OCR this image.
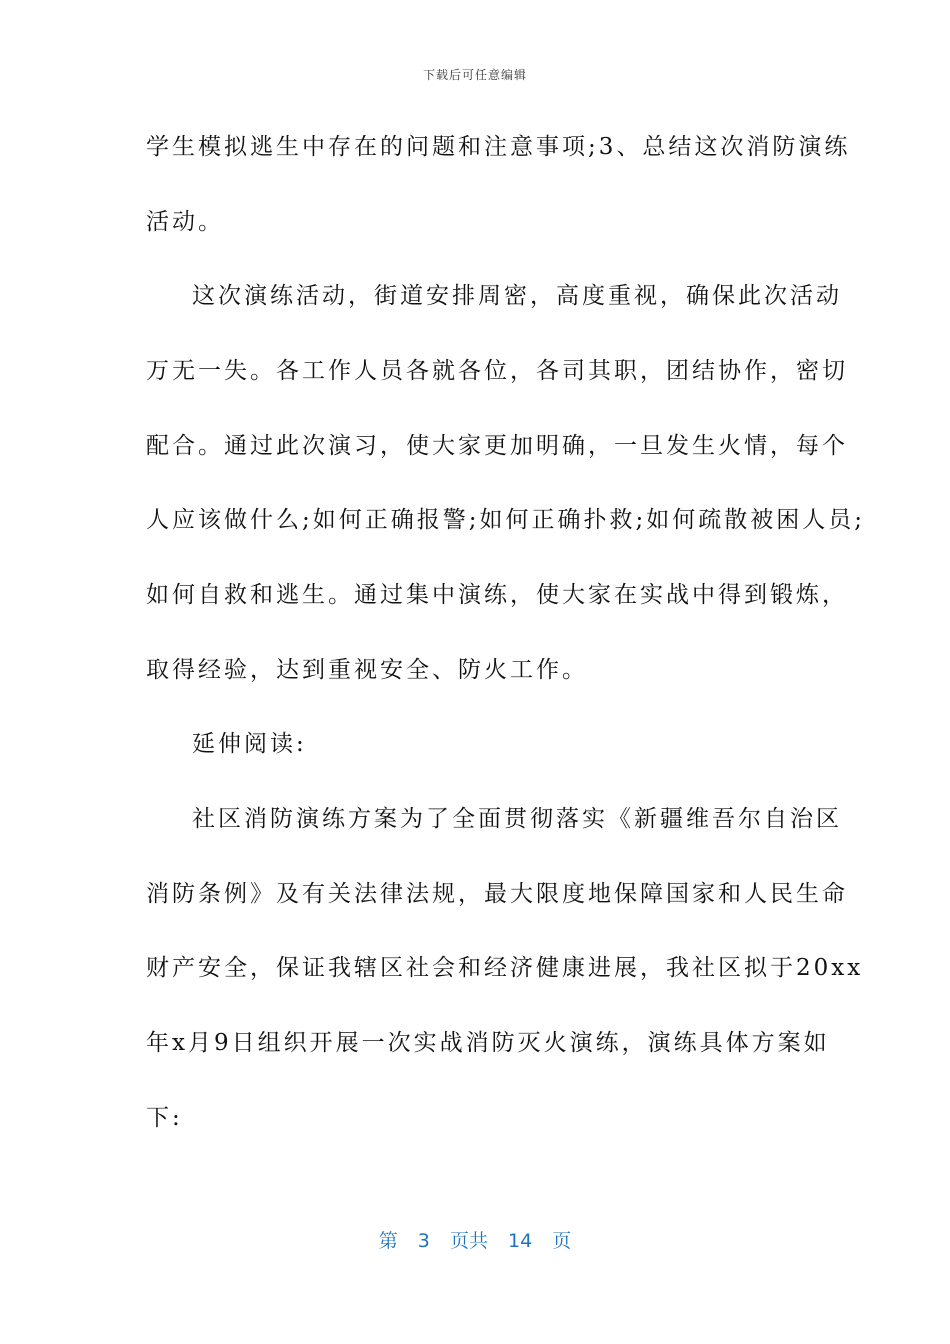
下载后可任意编辑
学生模拟逃生中存在的问题和注意事项;3、总结这次消防演练
活动。
这次演练活动，街道安排周密，高度重视，确保此次活动
万无一失。各工作人员各就各位，各司其职，团结协作，密切
配合。通过此次演习，使大家更加明确，一旦发生火情，每个
人应该做什么;如何正确报警;如何正确扑救;如何疏散被困人员;
如何自救和逃生。通过集中演练，使大家在实战中得到锻炼，
取得经验，达到重视安全、防火工作。
延伸阅读:
社区消防演练方案为了全面贯彻落实《新疆维吾尔自治区
消防条例》及有关法律法规，最大限度地保障国家和人民生命
财产安全，保证我辖区社会和经济健康进展，我社区拟于20xx
年x月9日组织开展一次实战消防灭火演练，演练具体方案如
下:
第 3 页共 14 页
